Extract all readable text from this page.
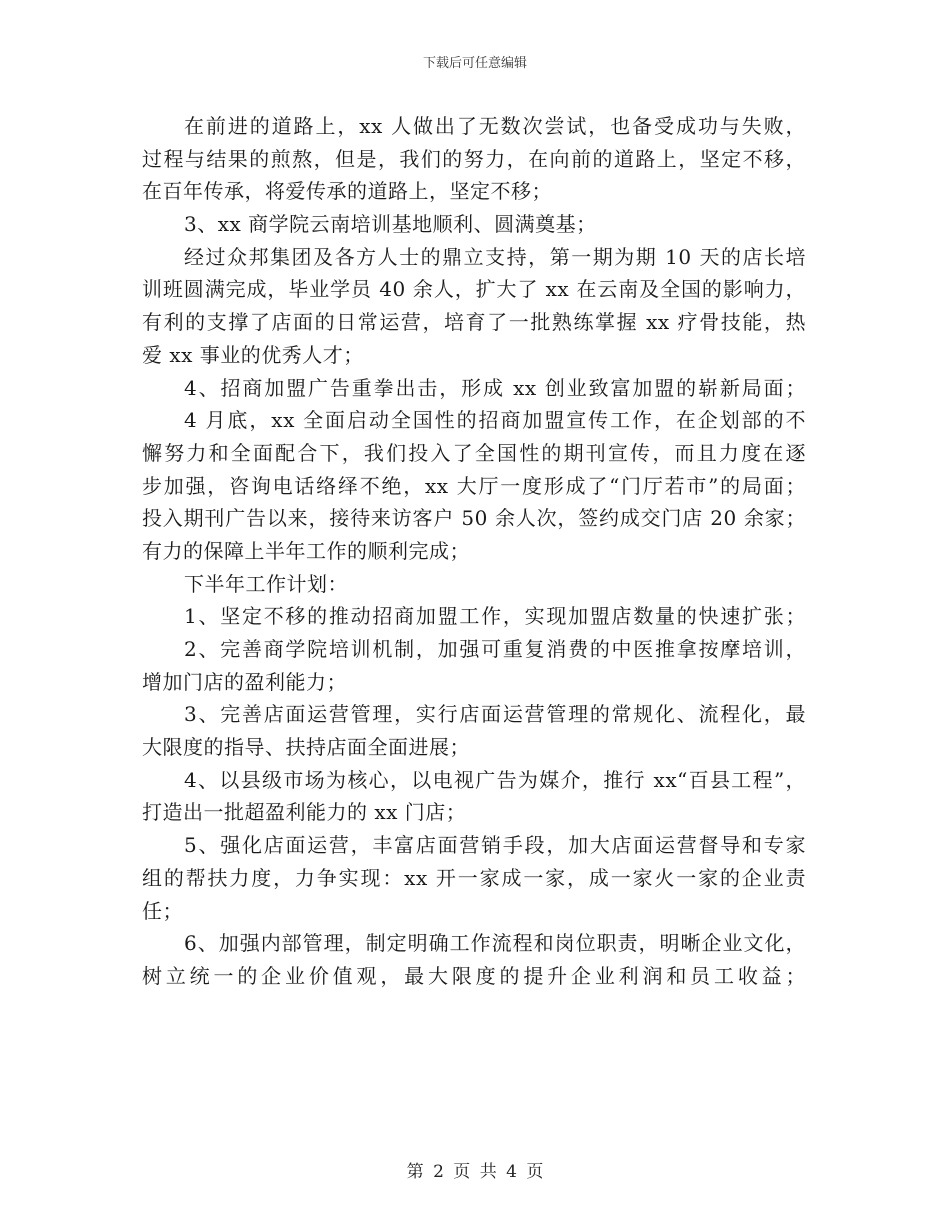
下载后可任意编辑
在前进的道路上，xx 人做出了无数次尝试，也备受成功与失败，
过程与结果的煎熬，但是，我们的努力，在向前的道路上，坚定不移，
在百年传承，将爱传承的道路上，坚定不移；
3、xx 商学院云南培训基地顺利、圆满奠基；
经过众邦集团及各方人士的鼎立支持，第一期为期 10 天的店长培
训班圆满完成，毕业学员 40 余人，扩大了 xx 在云南及全国的影响力，
有利的支撑了店面的日常运营，培育了一批熟练掌握 xx 疗骨技能，热
爱 xx 事业的优秀人才；
4、招商加盟广告重拳出击，形成 xx 创业致富加盟的崭新局面；
4 月底，xx 全面启动全国性的招商加盟宣传工作，在企划部的不
懈努力和全面配合下，我们投入了全国性的期刊宣传，而且力度在逐
步加强，咨询电话络绎不绝，xx 大厅一度形成了“门厅若市”的局面；
投入期刊广告以来，接待来访客户 50 余人次，签约成交门店 20 余家；
有力的保障上半年工作的顺利完成；
下半年工作计划：
1、坚定不移的推动招商加盟工作，实现加盟店数量的快速扩张；
2、完善商学院培训机制，加强可重复消费的中医推拿按摩培训，
增加门店的盈利能力；
3、完善店面运营管理，实行店面运营管理的常规化、流程化，最
大限度的指导、扶持店面全面进展；
4、以县级市场为核心，以电视广告为媒介，推行 xx“百县工程”，
打造出一批超盈利能力的 xx 门店；
5、强化店面运营，丰富店面营销手段，加大店面运营督导和专家
组的帮扶力度，力争实现：xx 开一家成一家，成一家火一家的企业责
任；
6、加强内部管理，制定明确工作流程和岗位职责，明晰企业文化，
树立统一的企业价值观，最大限度的提升企业利润和员工收益；
第 2 页 共 4 页
